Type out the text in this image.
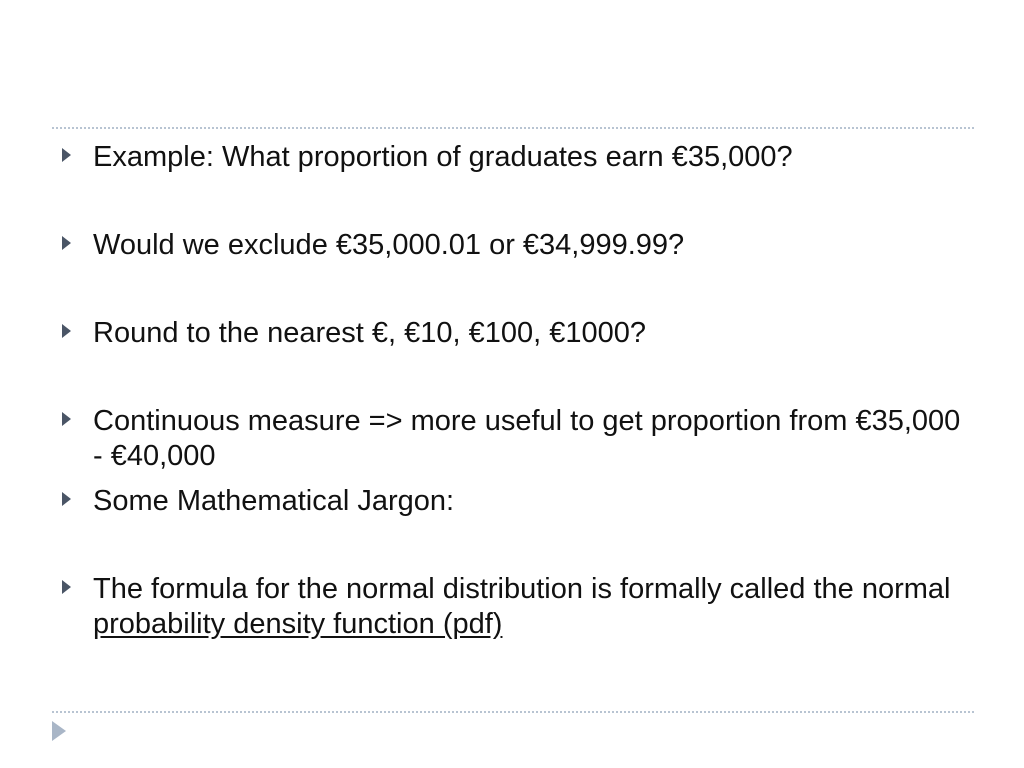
Example: What proportion of graduates earn €35,000?
Would we exclude €35,000.01 or €34,999.99?
Round to the nearest €, €10, €100, €1000?
Continuous measure => more useful to get proportion from €35,000 - €40,000
Some Mathematical Jargon:
The formula for the normal distribution is formally called the normal probability density function (pdf)
